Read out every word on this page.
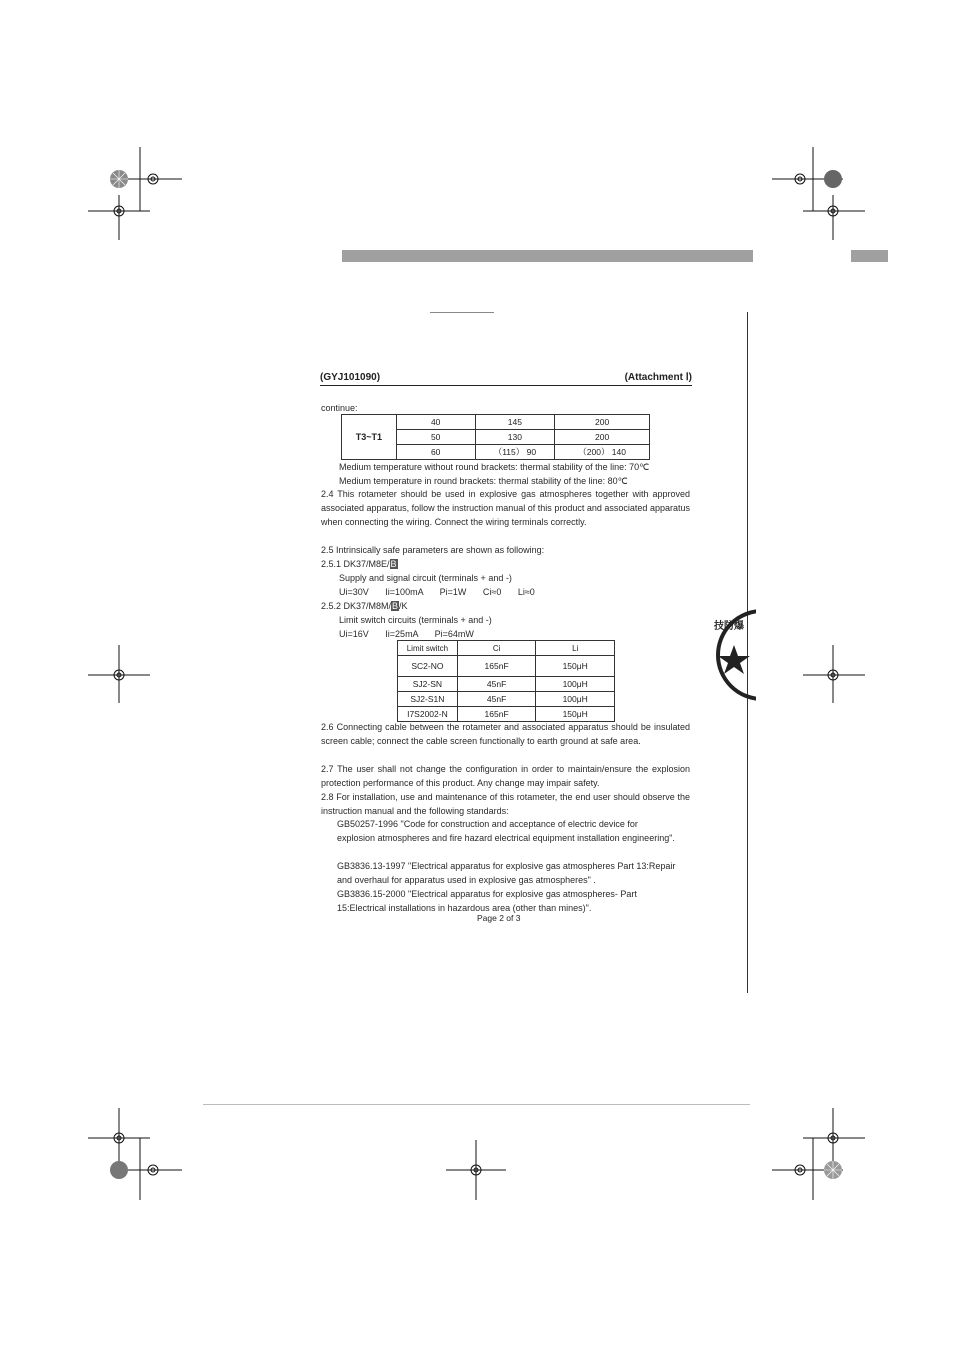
(GYJ101090)	(Attachment Ⅰ)
continue:
T3~T1	40	145	200
	50	130	200
	60	（115） 90	（200） 140
Medium temperature without round brackets: thermal stability of the line: 70℃
Medium temperature in round brackets: thermal stability of the line: 80℃
2.4 This rotameter should be used in explosive gas atmospheres together with approved associated apparatus, follow the instruction manual of this product and associated apparatus when connecting the wiring. Connect the wiring terminals correctly.
2.5 Intrinsically safe parameters are shown as following:
2.5.1 DK37/M8E/B
Supply and signal circuit (terminals + and -)
Ui=30V Ii=100mA Pi=1W Ci≈0 Li≈0
2.5.2 DK37/M8M/B/K
Limit switch circuits (terminals + and -)
Ui=16V Ii=25mA Pi=64mW
Limit switch	Ci	Li
SC2-NO	165nF	150μH
SJ2-SN	45nF	100μH
SJ2-S1N	45nF	100μH
I7S2002-N	165nF	150μH
2.6 Connecting cable between the rotameter and associated apparatus should be insulated screen cable; connect the cable screen functionally to earth ground at safe area.
2.7 The user shall not change the configuration in order to maintain/ensure the explosion protection performance of this product. Any change may impair safety.
2.8 For installation, use and maintenance of this rotameter, the end user should observe the instruction manual and the following standards:
GB50257-1996 "Code for construction and acceptance of electric device for explosion atmospheres and fire hazard electrical equipment installation engineering".
GB3836.13-1997 "Electrical apparatus for explosive gas atmospheres Part 13:Repair and overhaul for apparatus used in explosive gas atmospheres" .
GB3836.15-2000 "Electrical apparatus for explosive gas atmospheres- Part 15:Electrical installations in hazardous area (other than mines)".
Page 2 of 3
技防爆
